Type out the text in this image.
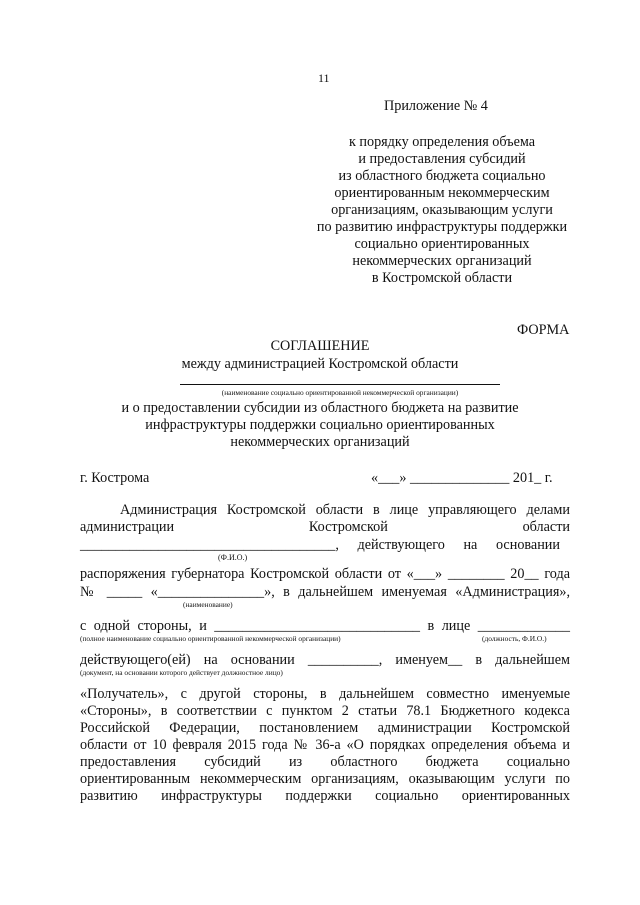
11
Приложение № 4
к порядку определения объема
и предоставления субсидий
из областного бюджета социально
ориентированным некоммерческим
организациям, оказывающим услуги
по развитию инфраструктуры поддержки
социально ориентированных
некоммерческих организаций
в Костромской области
ФОРМА
СОГЛАШЕНИЕ
между администрацией Костромской области
(наименование социально ориентированной некоммерческой организации)
и о предоставлении субсидии из областного бюджета на развитие
инфраструктуры поддержки социально ориентированных
некоммерческих организаций
г. Кострома	«___» ______________ 201_ г.
Администрация Костромской области в лице управляющего делами
администрации	Костромской	области
____________________________________, действующего на основании
(Ф.И.О.)
распоряжения губернатора Костромской области от «___» ________ 20__ года
№ _____ «_______________», в дальнейшем именуемая «Администрация»,
(наименование)
с одной стороны, и _____________________________ в лице _____________
(полное наименование социально ориентированной некоммерческой организации)	(должность, Ф.И.О.)
действующего(ей) на основании __________, именуем__ в дальнейшем
(документ, на основании которого действует должностное лицо)
«Получатель», с другой стороны, в дальнейшем совместно именуемые
«Стороны», в соответствии с пунктом 2 статьи 78.1 Бюджетного кодекса
Российской Федерации, постановлением администрации Костромской
области от 10 февраля 2015 года № 36-а «О порядках определения объема и
предоставления субсидий из областного бюджета социально
ориентированным некоммерческим организациям, оказывающим услуги по
развитию инфраструктуры поддержки социально ориентированных
